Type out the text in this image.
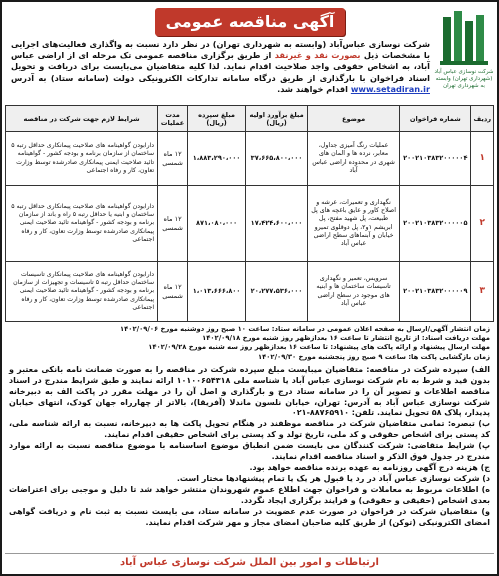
شرکت نوسازی عباس آباد (شهرداری تهران) وابسته به شهرداری تهران
آگهی مناقصه عمومی
شرکت نوسازی عباس‌آباد (وابسته به شهرداری تهران) در نظر دارد نسبت به واگذاری فعالیت‌های اجرایی با مشخصات ذیل بصورت نقد و غیرنقد از طریق برگزاری مناقصه عمومی تک مرحله ای از اراضی عباس آباد، به اشخاص حقوقی واجد صلاحیت اقدام نماید. لذا کلیه متقاضیان می‌بایست برای دریافت و تحویل اسناد فراخوان با بارگذاری از طریق درگاه سامانه تدارکات الکترونیکی دولت (سامانه ستاد) به آدرس www.setadiran.ir اقدام خواهند شد.
ردیف	شماره فراخوان	موضوع	مبلغ برآورد اولیه (ریال)	مبلغ سپرده (ریال)	مدت عملیات	شرایط لازم جهت شرکت در مناقصه
۱	۲۰۰۲۱۰۳۸۳۲۰۰۰۰۰۴	عملیات رنگ آمیزی جداول، معابر، نرده ها و المان های شهری در محدوده اراضی عباس آباد	۳۷،۶۶۵،۸۰۰،۰۰۰	۱،۸۸۳،۲۹۰،۰۰۰	۱۲ ماه شمسی	دارابودن گواهینامه های صلاحیت پیمانکاری حداقل رتبه ۵ ساختمان از سازمان برنامه و بودجه کشور - گواهینامه تائید صلاحیت ایمنی پیمانکاری صادرشده توسط وزارت تعاون، کار و رفاه اجتماعی
۲	۲۰۰۲۱۰۳۸۳۲۰۰۰۰۰۵	نگهداری و تعمیرات، عرشه و اصلاح کاور و عایق باغچه های پل طبیعت، پل شهید مفتح، پل ابریشم ۱و۲، پل دوقلوی تمیرو خیابان و آبنماهای سطح اراضی عباس آباد	۱۷،۴۲۴،۶۰۰،۰۰۰	۸۷۱،۰۸۰،۰۰۰	۱۲ ماه شمسی	دارابودن گواهینامه های صلاحیت پیمانکاری حداقل رتبه ۵ ساختمان و ابنیه یا حداقل رتبه ۵ راه و باند از سازمان برنامه و بودجه کشور - گواهینامه تائید صلاحیت ایمنی پیمانکاری صادرشده توسط وزارت تعاون، کار و رفاه اجتماعی
۳	۲۰۰۲۱۰۳۸۳۲۰۰۰۰۰۹	سرویس، تعمیر و نگهداری تاسیسات ساختمان ها و ابنیه های موجود در سطح اراضی عباس آباد	۲۰،۲۷۷،۵۳۶،۰۰۰	۱،۰۱۳،۶۶۶،۸۰۰	۱۲ ماه شمسی	دارابودن گواهینامه های صلاحیت پیمانکاری تاسیسات ساختمان حداقل رتبه ۵ تاسیسات و تجهیزات از سازمان برنامه و بودجه کشور - گواهینامه تائید صلاحیت ایمنی پیمانکاری صادرشده توسط وزارت تعاون، کار و رفاه اجتماعی
زمان انتشار آگهی/ارسال به صفحه اعلان عمومی در سامانه ستاد: ساعت ۱۰ صبح روز دوشنبه مورخ ۱۴۰۲/۰۹/۰۶
مهلت دریافت اسناد: از تاریخ انتشار تا ساعت ۱۶ بعدازظهر روز شنبه مورخ ۱۴۰۲/۰۹/۱۸
مهلت ارسال پیشنهاد و ارائه پاکت های پیشنهاد: تا ساعت ۱۶ بعدازظهر روز سه شنبه مورخ ۱۴۰۲/۰۹/۲۸
زمان بازگشایی پاکت ها: ساعت ۹ صبح روز پنجشنبه مورخ ۱۴۰۲/۰۹/۳۰
الف) سپرده شرکت در مناقصه: متقاضیان میبایست مبلغ سپرده شرکت در مناقصه را به صورت ضمانت نامه بانکی معتبر و بدون قید و شرط به نام شرکت نوسازی عباس آباد یا شناسه ملی ۱۰۱۰۰۶۵۴۳۱۸ ارائه نمایند و طبق شرایط مندرج در اسناد مناقصه اطلاعات و تصویر آن را در سامانه ستاد درج و بارگذاری و اصل آن را در مهلت مقرر در پاکت الف به دبیرخانه شرکت نوسازی عباس آباد به آدرس: تهران، خیابان نلسون ماندلا (آفریقا)، بالاتر از چهارراه جهان کودک، انتهای خیابان پدیدار، پلاک ۵۸ تحویل نمایند. تلفن: ۸۸۷۶۵۹۱۰-۰۲۱
ب) تبصره: تمامی متقاضیان شرکت در مناقصه موظفند در هنگام تحویل پاکت ها به دبیرخانه، نسبت به ارائه شناسه ملی، کد پستی برای اشخاص حقوقی و کد ملی، تاریخ تولد و کد پستی برای اشخاص حقیقی اقدام نمایند.
پ) شرایط متقاضی: شرکت کنندگان می بایست ضمن انطباق موضوع اساسنامه با موضوع مناقصه نسبت به ارائه موارد مندرج در جدول فوق الذکر و اسناد مناقصه اقدام نمایند.
ج) هزینه درج آگهی روزنامه به عهده برنده مناقصه خواهد بود.
د) شرکت نوسازی عباس آباد در رد یا قبول هر یک یا تمام پیشنهادها مختار است.
ه) اطلاعات مربوط به معاملات و فراخوان جهت اطلاع عموم شهروندان منتشر خواهد شد تا دلیل و موجبی برای اعتراضات بعدی اشخاص (حقیقی و حقوقی) و فرایند برگزاری ایجاد نگردد.
و) متقاضیان شرکت در فراخوان در صورت عدم عضویت در سامانه ستاد، می بایست نسبت به ثبت نام و دریافت گواهی امضای الکترونیکی (توکن) از طریق کلیه صاحبان امضای مجاز و مهر شرکت اقدام نمایند.
ارتباطات و امور بین الملل شرکت نوسازی عباس آباد
